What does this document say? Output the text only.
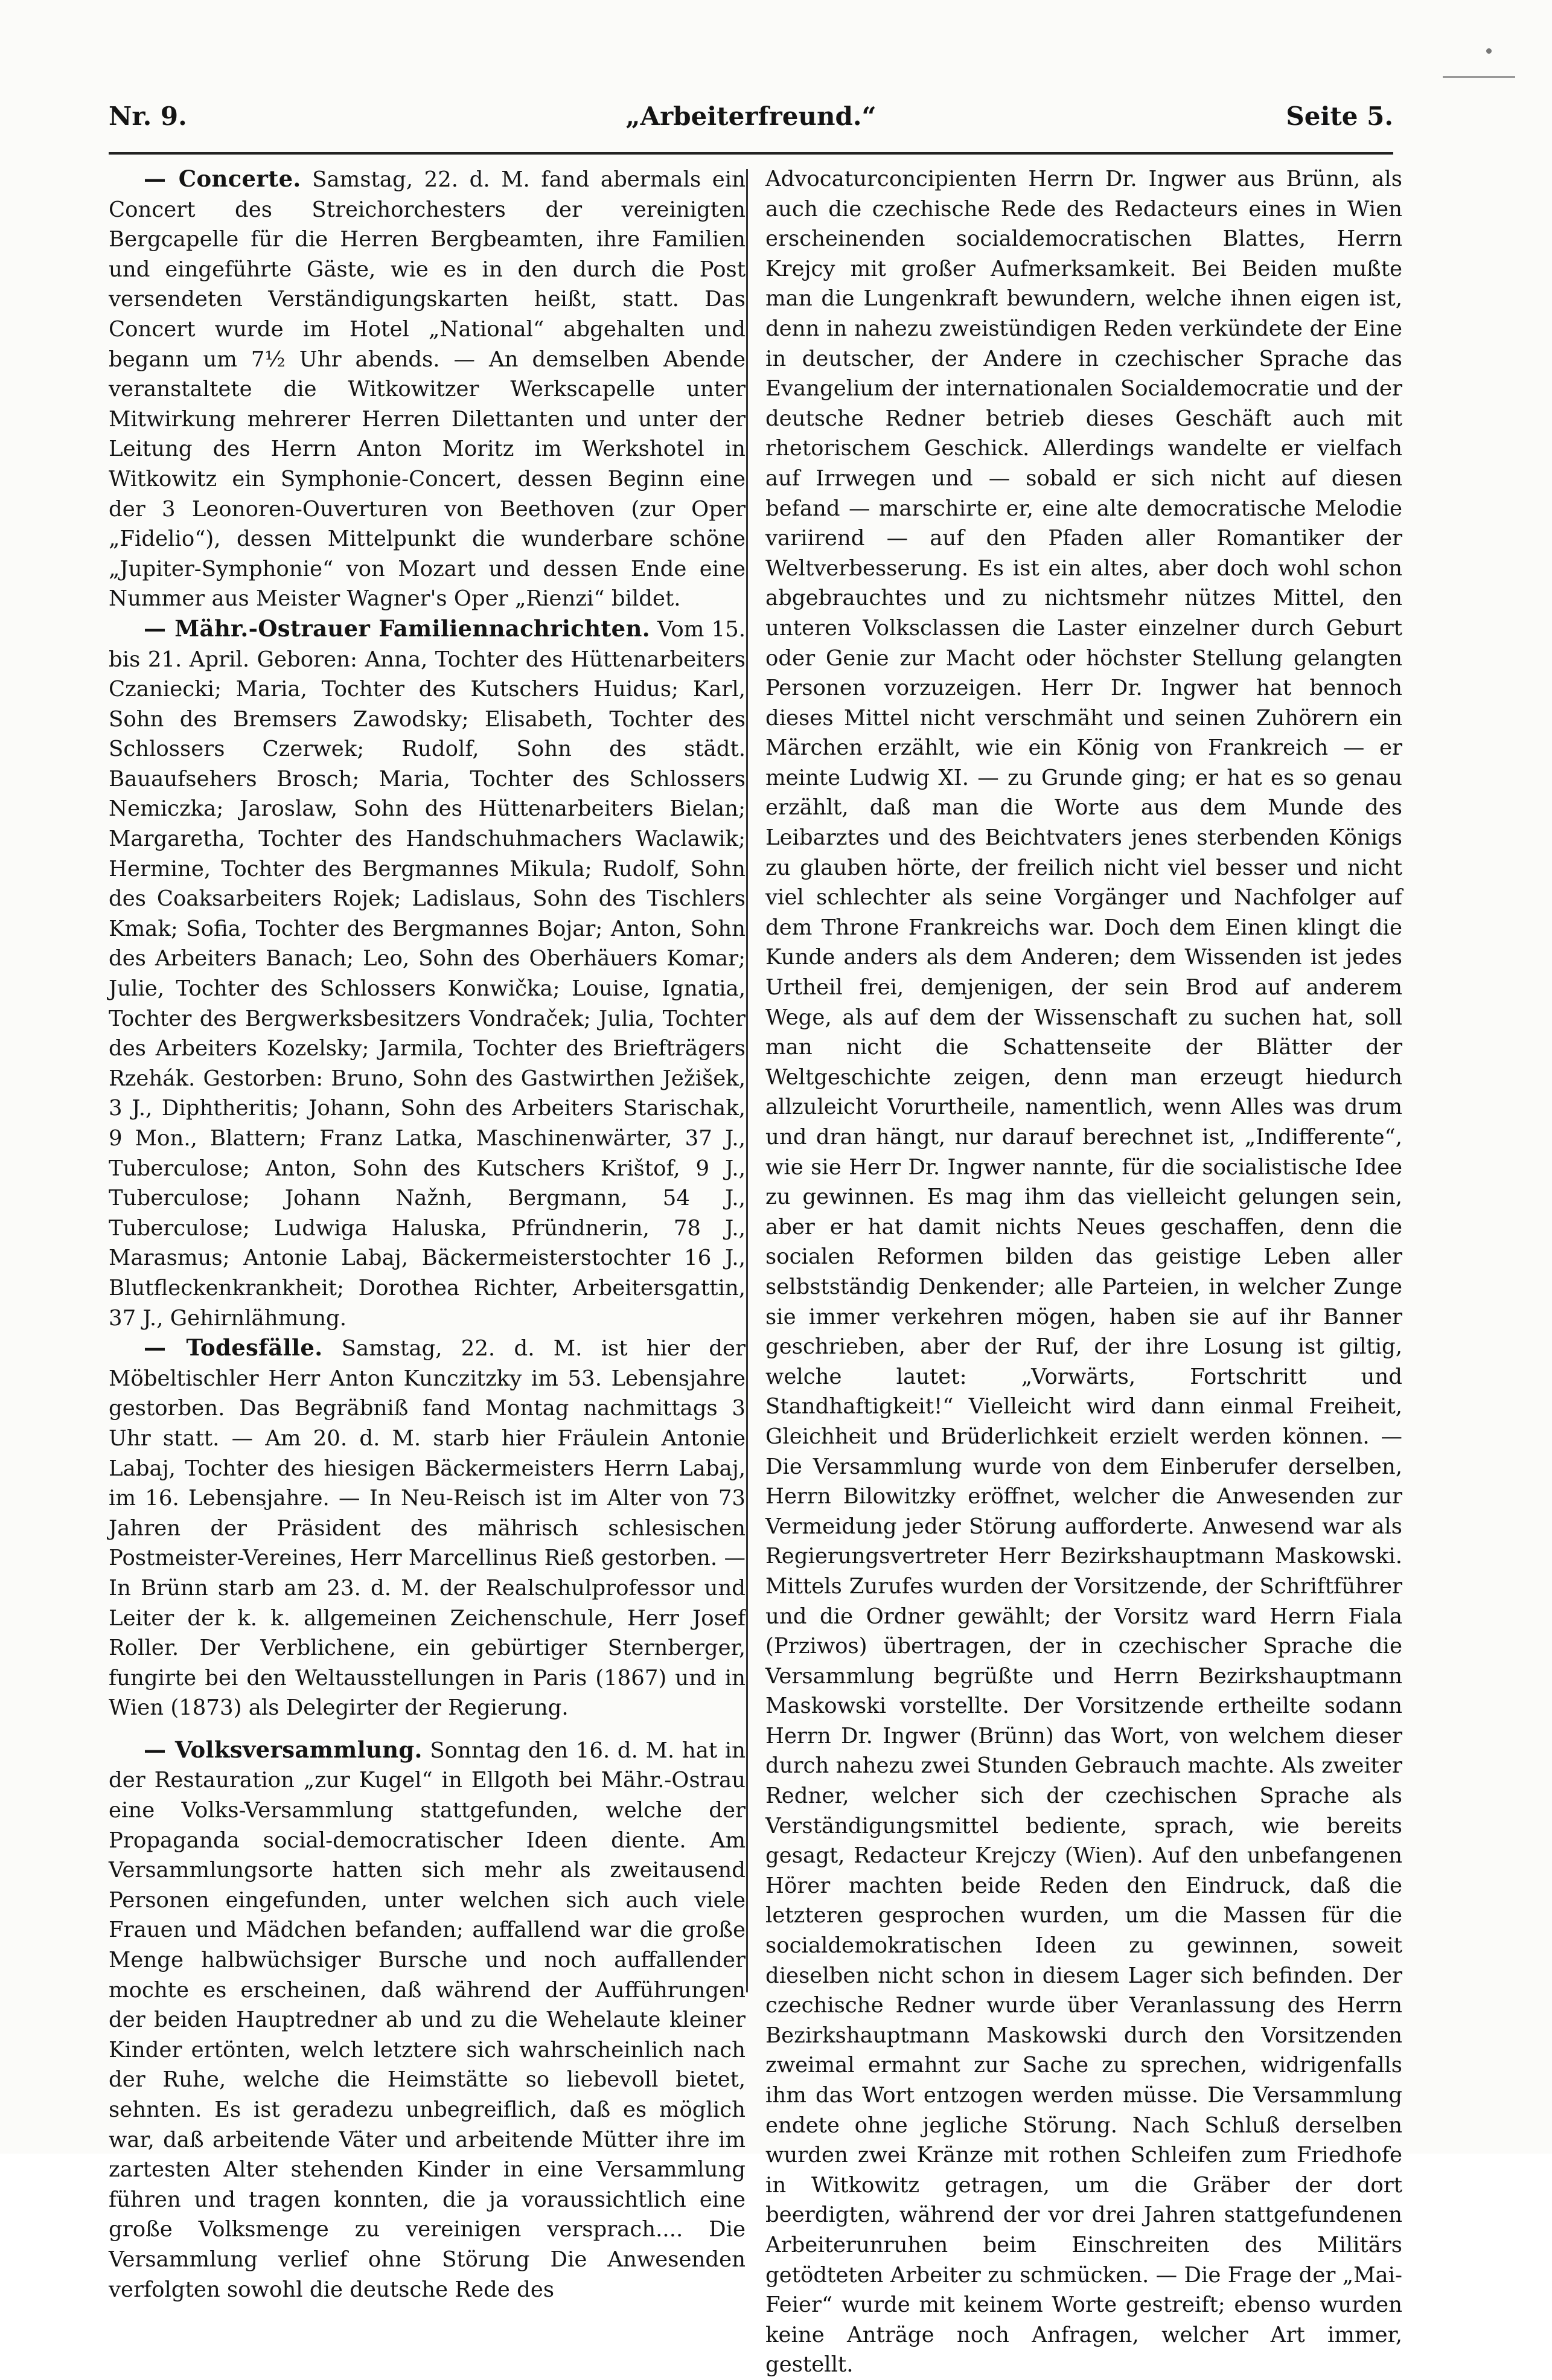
Nr. 9.	„Arbeiterfreund.“	Seite 5.

— Concerte. Samstag, 22. d. M. fand abermals ein Concert des Streichorchesters der vereinigten Bergcapelle für die Herren Bergbeamten, ihre Familien und eingeführte Gäste, wie es in den durch die Post versendeten Verständigungskarten heißt, statt. Das Concert wurde im Hotel „National“ abgehalten und begann um 7½ Uhr abends. — An demselben Abende veranstaltete die Witkowitzer Werkscapelle unter Mitwirkung mehrerer Herren Dilettanten und unter der Leitung des Herrn Anton Moritz im Werkshotel in Witkowitz ein Symphonie-Concert, dessen Beginn eine der 3 Leonoren-Ouverturen von Beethoven (zur Oper „Fidelio“), dessen Mittelpunkt die wunderbare schöne „Jupiter-Symphonie“ von Mozart und dessen Ende eine Nummer aus Meister Wagner's Oper „Rienzi“ bildet.

— Mähr.-Ostrauer Familiennachrichten. Vom 15. bis 21. April. Geboren: Anna, Tochter des Hüttenarbeiters Czaniecki; Maria, Tochter des Kutschers Huidus; Karl, Sohn des Bremsers Zawodsky; Elisabeth, Tochter des Schlossers Czerwek; Rudolf, Sohn des städt. Bauaufsehers Brosch; Maria, Tochter des Schlossers Nemiczka; Jaroslaw, Sohn des Hüttenarbeiters Bielan; Margaretha, Tochter des Handschuhmachers Waclawik; Hermine, Tochter des Bergmannes Mikula; Rudolf, Sohn des Coaksarbeiters Rojek; Ladislaus, Sohn des Tischlers Kmak; Sofia, Tochter des Bergmannes Bojar; Anton, Sohn des Arbeiters Banach; Leo, Sohn des Oberhäuers Komar; Julie, Tochter des Schlossers Konwička; Louise, Ignatia, Tochter des Bergwerksbesitzers Vondraček; Julia, Tochter des Arbeiters Kozelsky; Jarmila, Tochter des Briefträgers Rzehák. Gestorben: Bruno, Sohn des Gastwirthen Ježišek, 3 J., Diphtheritis; Johann, Sohn des Arbeiters Starischak, 9 Mon., Blattern; Franz Latka, Maschinenwärter, 37 J., Tuberculose; Anton, Sohn des Kutschers Krištof, 9 J., Tuberculose; Johann Nažnh, Bergmann, 54 J., Tuberculose; Ludwiga Haluska, Pfründnerin, 78 J., Marasmus; Antonie Labaj, Bäckermeisterstochter 16 J., Blutfleckenkrankheit; Dorothea Richter, Arbeitersgattin, 37 J., Gehirnlähmung.

— Todesfälle. Samstag, 22. d. M. ist hier der Möbeltischler Herr Anton Kunczitzky im 53. Lebensjahre gestorben. Das Begräbniß fand Montag nachmittags 3 Uhr statt. — Am 20. d. M. starb hier Fräulein Antonie Labaj, Tochter des hiesigen Bäckermeisters Herrn Labaj, im 16. Lebensjahre. — In Neu-Reisch ist im Alter von 73 Jahren der Präsident des mährisch schlesischen Postmeister-Vereines, Herr Marcellinus Rieß gestorben. — In Brünn starb am 23. d. M. der Realschulprofessor und Leiter der k. k. allgemeinen Zeichenschule, Herr Josef Roller. Der Verblichene, ein gebürtiger Sternberger, fungirte bei den Weltausstellungen in Paris (1867) und in Wien (1873) als Delegirter der Regierung.

— Volksversammlung. Sonntag den 16. d. M. hat in der Restauration „zur Kugel“ in Ellgoth bei Mähr.-Ostrau eine Volks-Versammlung stattgefunden, welche der Propaganda social-democratischer Ideen diente. Am Versammlungsorte hatten sich mehr als zweitausend Personen eingefunden, unter welchen sich auch viele Frauen und Mädchen befanden; auffallend war die große Menge halbwüchsiger Bursche und noch auffallender mochte es erscheinen, daß während der Aufführungen der beiden Hauptredner ab und zu die Wehelaute kleiner Kinder ertönten, welch letztere sich wahrscheinlich nach der Ruhe, welche die Heimstätte so liebevoll bietet, sehnten. Es ist geradezu unbegreiflich, daß es möglich war, daß arbeitende Väter und arbeitende Mütter ihre im zartesten Alter stehenden Kinder in eine Versammlung führen und tragen konnten, die ja voraussichtlich eine große Volksmenge zu vereinigen versprach.... Die Versammlung verlief ohne Störung Die Anwesenden verfolgten sowohl die deutsche Rede des

Advocaturconcipienten Herrn Dr. Ingwer aus Brünn, als auch die czechische Rede des Redacteurs eines in Wien erscheinenden socialdemocratischen Blattes, Herrn Krejcy mit großer Aufmerksamkeit. Bei Beiden mußte man die Lungenkraft bewundern, welche ihnen eigen ist, denn in nahezu zweistündigen Reden verkündete der Eine in deutscher, der Andere in czechischer Sprache das Evangelium der internationalen Socialdemocratie und der deutsche Redner betrieb dieses Geschäft auch mit rhetorischem Geschick. Allerdings wandelte er vielfach auf Irrwegen und — sobald er sich nicht auf diesen befand — marschirte er, eine alte democratische Melodie variirend — auf den Pfaden aller Romantiker der Weltverbesserung. Es ist ein altes, aber doch wohl schon abgebrauchtes und zu nichtsmehr nützes Mittel, den unteren Volksclassen die Laster einzelner durch Geburt oder Genie zur Macht oder höchster Stellung gelangten Personen vorzuzeigen. Herr Dr. Ingwer hat bennoch dieses Mittel nicht verschmäht und seinen Zuhörern ein Märchen erzählt, wie ein König von Frankreich — er meinte Ludwig XI. — zu Grunde ging; er hat es so genau erzählt, daß man die Worte aus dem Munde des Leibarztes und des Beichtvaters jenes sterbenden Königs zu glauben hörte, der freilich nicht viel besser und nicht viel schlechter als seine Vorgänger und Nachfolger auf dem Throne Frankreichs war. Doch dem Einen klingt die Kunde anders als dem Anderen; dem Wissenden ist jedes Urtheil frei, demjenigen, der sein Brod auf anderem Wege, als auf dem der Wissenschaft zu suchen hat, soll man nicht die Schattenseite der Blätter der Weltgeschichte zeigen, denn man erzeugt hiedurch allzuleicht Vorurtheile, namentlich, wenn Alles was drum und dran hängt, nur darauf berechnet ist, „Indifferente“, wie sie Herr Dr. Ingwer nannte, für die socialistische Idee zu gewinnen. Es mag ihm das vielleicht gelungen sein, aber er hat damit nichts Neues geschaffen, denn die socialen Reformen bilden das geistige Leben aller selbstständig Denkender; alle Parteien, in welcher Zunge sie immer verkehren mögen, haben sie auf ihr Banner geschrieben, aber der Ruf, der ihre Losung ist giltig, welche lautet: „Vorwärts, Fortschritt und Standhaftigkeit!“ Vielleicht wird dann einmal Freiheit, Gleichheit und Brüderlichkeit erzielt werden können. — Die Versammlung wurde von dem Einberufer derselben, Herrn Bilowitzky eröffnet, welcher die Anwesenden zur Vermeidung jeder Störung aufforderte. Anwesend war als Regierungsvertreter Herr Bezirkshauptmann Maskowski. Mittels Zurufes wurden der Vorsitzende, der Schriftführer und die Ordner gewählt; der Vorsitz ward Herrn Fiala (Prziwos) übertragen, der in czechischer Sprache die Versammlung begrüßte und Herrn Bezirkshauptmann Maskowski vorstellte. Der Vorsitzende ertheilte sodann Herrn Dr. Ingwer (Brünn) das Wort, von welchem dieser durch nahezu zwei Stunden Gebrauch machte. Als zweiter Redner, welcher sich der czechischen Sprache als Verständigungsmittel bediente, sprach, wie bereits gesagt, Redacteur Krejczy (Wien). Auf den unbefangenen Hörer machten beide Reden den Eindruck, daß die letzteren gesprochen wurden, um die Massen für die socialdemokratischen Ideen zu gewinnen, soweit dieselben nicht schon in diesem Lager sich befinden. Der czechische Redner wurde über Veranlassung des Herrn Bezirkshauptmann Maskowski durch den Vorsitzenden zweimal ermahnt zur Sache zu sprechen, widrigenfalls ihm das Wort entzogen werden müsse. Die Versammlung endete ohne jegliche Störung. Nach Schluß derselben wurden zwei Kränze mit rothen Schleifen zum Friedhofe in Witkowitz getragen, um die Gräber der dort beerdigten, während der vor drei Jahren stattgefundenen Arbeiterunruhen beim Einschreiten des Militärs getödteten Arbeiter zu schmücken. — Die Frage der „Mai-Feier“ wurde mit keinem Worte gestreift; ebenso wurden keine Anträge noch Anfragen, welcher Art immer, gestellt.
